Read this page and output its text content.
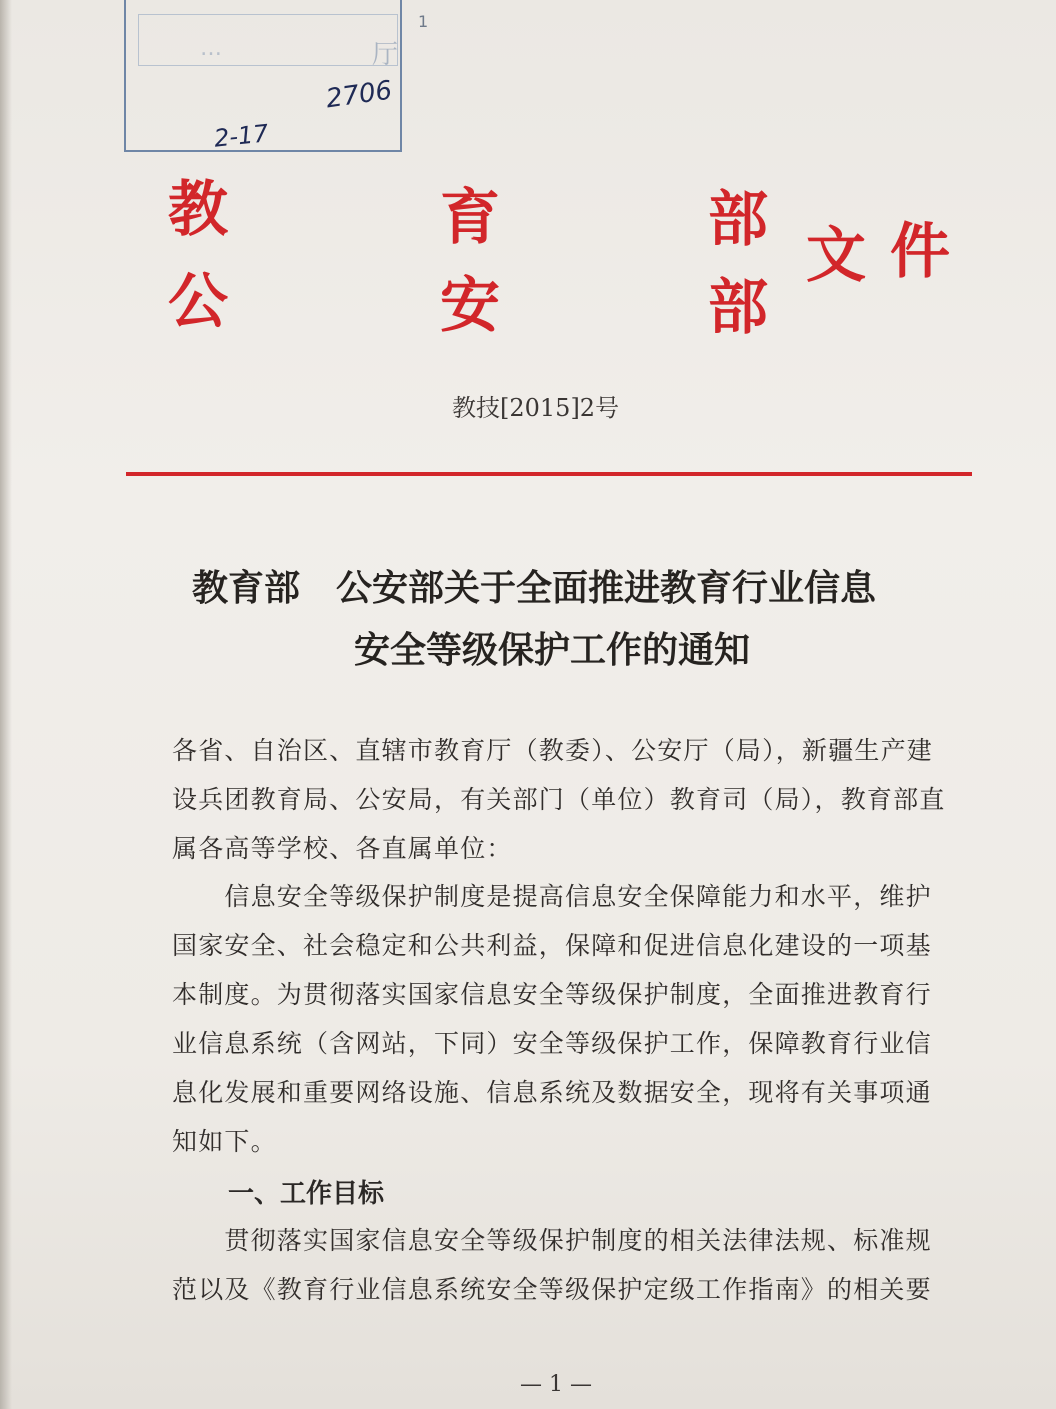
…	厅
1
2706
2-17
教
公
育
安
部
部
文 件
教技[2015]2号
教育部　公安部关于全面推进教育行业信息
安全等级保护工作的通知
各省、自治区、直辖市教育厅（教委）、公安厅（局），新疆生产建
设兵团教育局、公安局，有关部门（单位）教育司（局），教育部直
属各高等学校、各直属单位：
　　信息安全等级保护制度是提高信息安全保障能力和水平，维护
国家安全、社会稳定和公共利益，保障和促进信息化建设的一项基
本制度。为贯彻落实国家信息安全等级保护制度，全面推进教育行
业信息系统（含网站，下同）安全等级保护工作，保障教育行业信
息化发展和重要网络设施、信息系统及数据安全，现将有关事项通
知如下。
一、工作目标
　　贯彻落实国家信息安全等级保护制度的相关法律法规、标准规
范以及《教育行业信息系统安全等级保护定级工作指南》的相关要
— 1 —
